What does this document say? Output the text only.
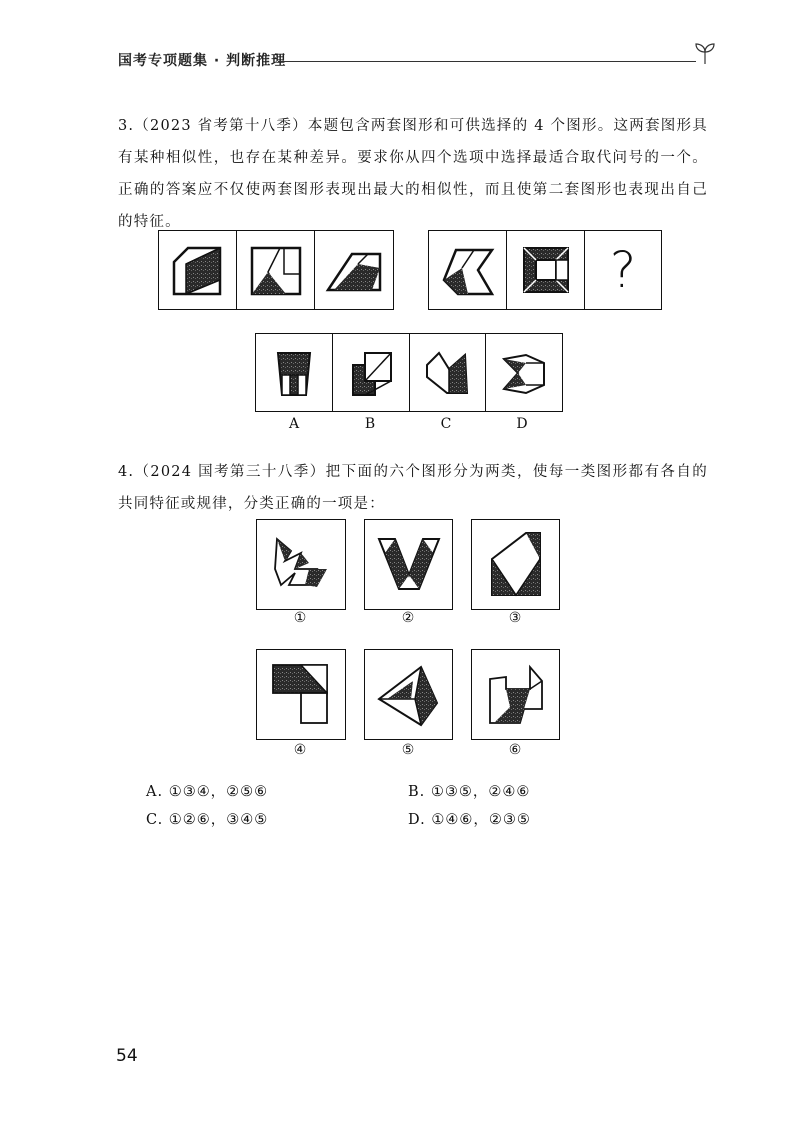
国考专项题集 · 判断推理
3.（2023 省考第十八季）本题包含两套图形和可供选择的 4 个图形。这两套图形具有某种相似性，也存在某种差异。要求你从四个选项中选择最适合取代问号的一个。正确的答案应不仅使两套图形表现出最大的相似性，而且使第二套图形也表现出自己的特征。
?
A	B	C	D
4.（2024 国考第三十八季）把下面的六个图形分为两类，使每一类图形都有各自的共同特征或规律，分类正确的一项是：
①	②	③
④	⑤	⑥
A. ①③④，②⑤⑥	B. ①③⑤，②④⑥
C. ①②⑥，③④⑤	D. ①④⑥，②③⑤
54
